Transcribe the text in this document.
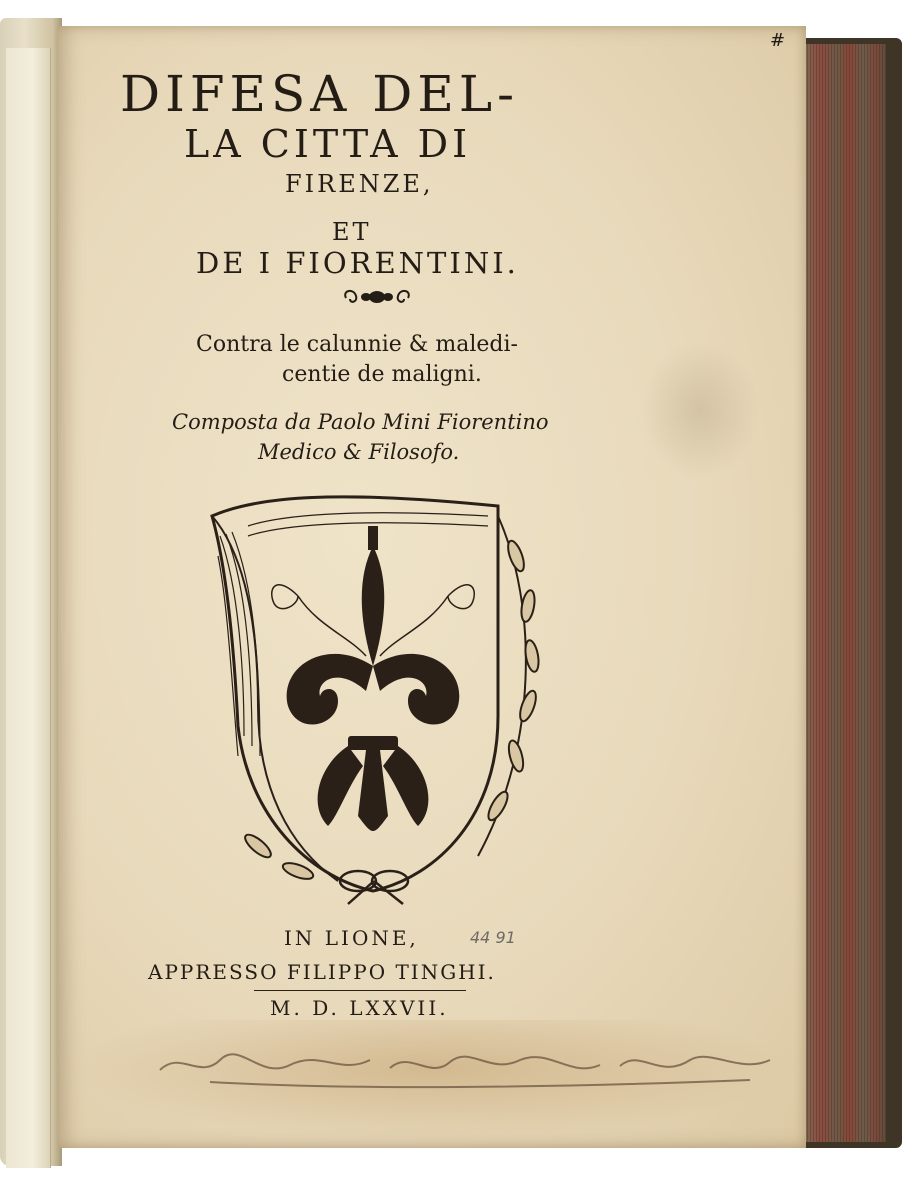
#
DIFESA DEL-
LA CITTA DI
FIRENZE,
ET
DE I FIORENTINI.
Contra le calunnie & maledi-
centie de maligni.
Composta da Paolo Mini Fiorentino
Medico & Filosofo.
IN LIONE,	44 91
APPRESSO FILIPPO TINGHI.
M. D. LXXVII.
